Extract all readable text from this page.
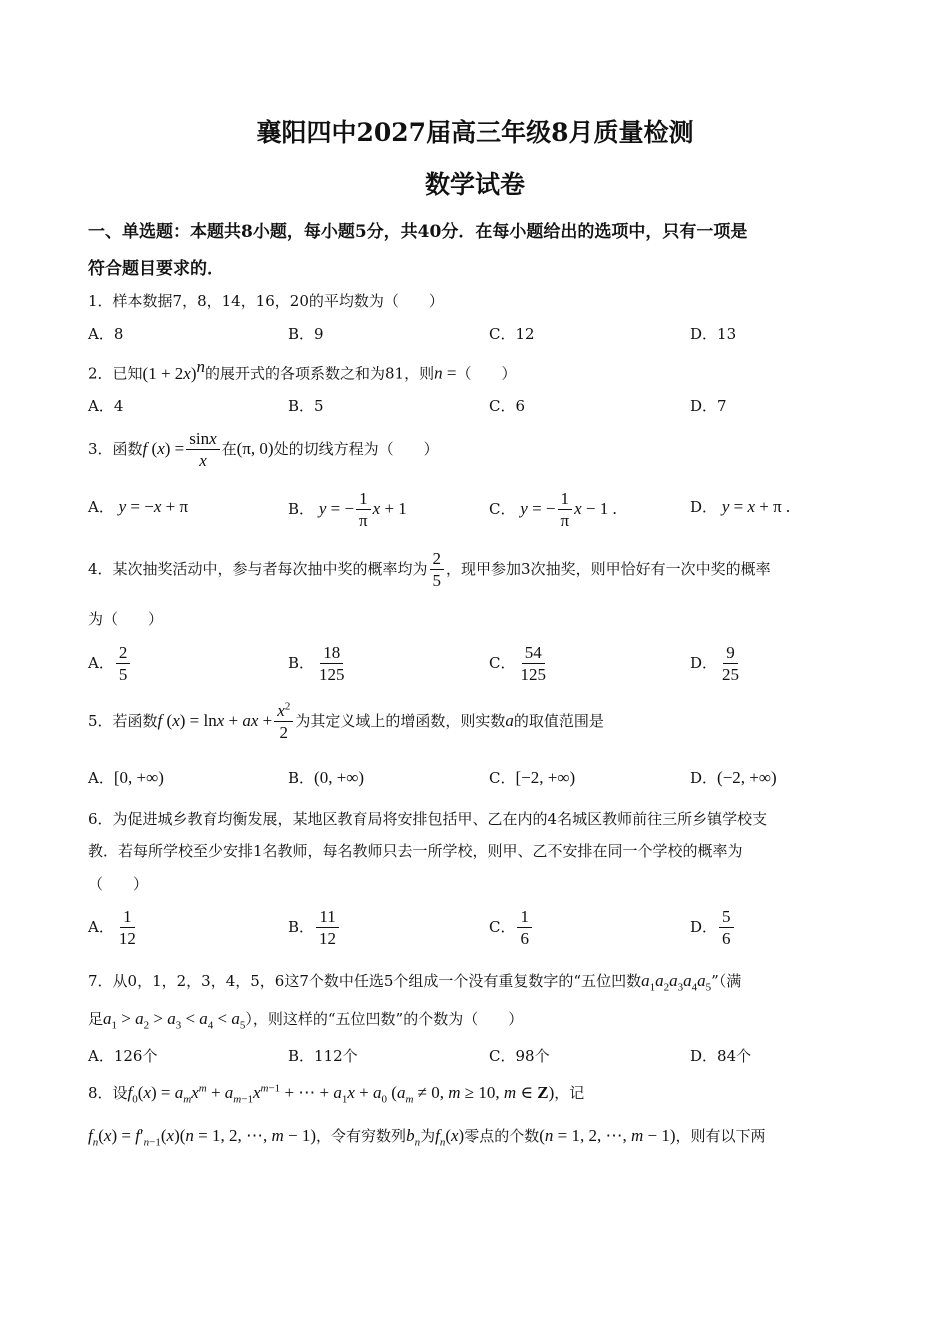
襄阳四中2027届高三年级8月质量检测
数学试卷
一、单选题：本题共8小题，每小题5分，共40分．在每小题给出的选项中，只有一项是
符合题目要求的．
1．样本数据7，8，14，16，20的平均数为（　　）
A．8	B．9	C．12	D．13
2．已知$(1 + 2x)^n$的展开式的各项系数之和为81，则n =（　　）
A．4	B．5	C．6	D．7
3．函数f $(x) = \frac{\sin x}{x}$ 在(π, 0)处的切线方程为（　　）
A． y = −x + π	B． y = − $\frac{1}{\pi}$ x + 1	C． y = − $\frac{1}{\pi}$ x − 1 .	D． y = x + π .
4．某次抽奖活动中，参与者每次抽中奖的概率均为 $\frac{2}{5}$ ，现甲参加3次抽奖，则甲恰好有一次中奖的概率
为（　　）
A． $\frac{2}{5}$	B． $\frac{18}{125}$	C． $\frac{54}{125}$	D． $\frac{9}{25}$
5．若函数f (x) = lnx + ax + $\frac{x^2}{2}$ 为其定义域上的增函数，则实数a的取值范围是
A．[0, +∞)	B．(0, +∞)	C．[−2, +∞)	D．(−2, +∞)
6．为促进城乡教育均衡发展，某地区教育局将安排包括甲、乙在内的4名城区教师前往三所乡镇学校支
教．若每所学校至少安排1名教师，每名教师只去一所学校，则甲、乙不安排在同一个学校的概率为
（　　）
A． $\frac{1}{12}$	B． $\frac{11}{12}$	C． $\frac{1}{6}$	D． $\frac{5}{6}$
7．从0，1，2，3，4，5，6这7个数中任选5个组成一个没有重复数字的“五位凹数$a_1a_2a_3a_4a_5$”（满
足$a_1 > a_2 > a_3 < a_4 < a_5$），则这样的“五位凹数”的个数为（　　）
A．126个	B．112个	C．98个	D．84个
8．设$f_0(x) = a_mx^m + a_{m-1}x^{m-1}$ + ⋯ + $a_1x + a_0$ ($a_m \ne 0$, m ≥ 10, m ∈ Z)，记
$f_n(x) = f'_{n-1}(x)(n = 1$, 2, ⋯, m − 1)，令有穷数列$b_n$为$f_n(x)$零点的个数(n = 1, 2, ⋯, m − 1)，则有以下两
